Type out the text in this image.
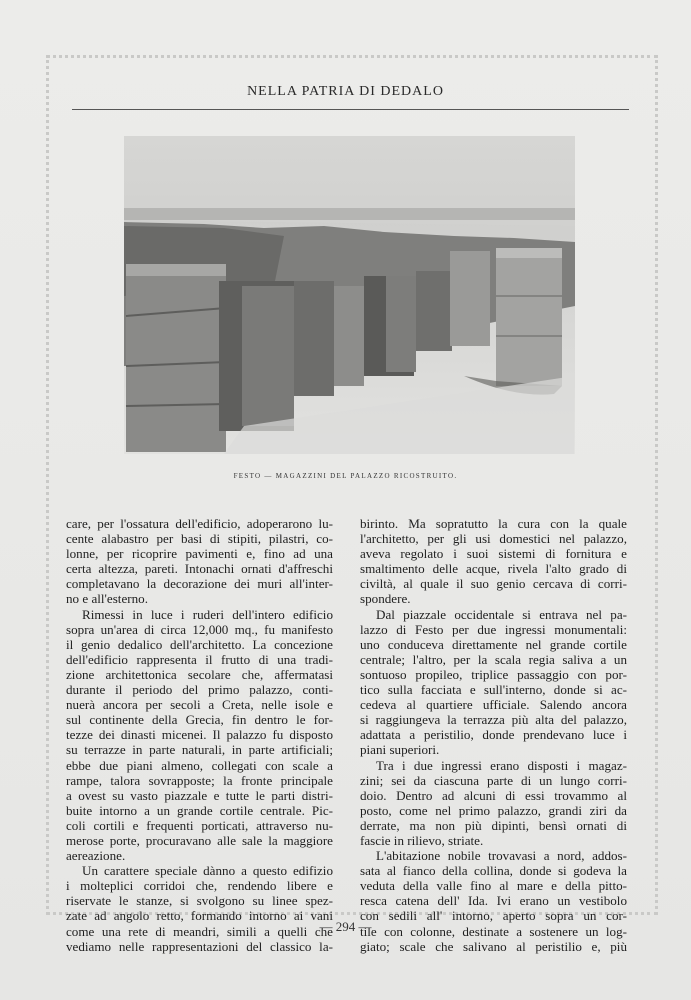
NELLA PATRIA DI DEDALO
FESTO — MAGAZZINI DEL PALAZZO RICOSTRUITO.

care, per l'ossatura dell'edificio, adoperarono lu-
cente alabastro per basi di stipiti, pilastri, co-
lonne, per ricoprire pavimenti e, fino ad una
certa altezza, pareti. Intonachi ornati d'affreschi
completavano la decorazione dei muri all'inter-
no e all'esterno.

Rimessi in luce i ruderi dell'intero edificio
sopra un'area di circa 12,000 mq., fu manifesto
il genio dedalico dell'architetto. La concezione
dell'edificio rappresenta il frutto di una tradi-
zione architettonica secolare che, affermatasi
durante il periodo del primo palazzo, conti-
nuerà ancora per secoli a Creta, nelle isole e
sul continente della Grecia, fin dentro le for-
tezze dei dinasti micenei. Il palazzo fu disposto
su terrazze in parte naturali, in parte artificiali;
ebbe due piani almeno, collegati con scale a
rampe, talora sovrapposte; la fronte principale
a ovest su vasto piazzale e tutte le parti distri-
buite intorno a un grande cortile centrale. Pic-
coli cortili e frequenti porticati, attraverso nu-
merose porte, procuravano alle sale la maggiore
aereazione.

Un carattere speciale dànno a questo edifizio
i molteplici corridoi che, rendendo libere e
riservate le stanze, si svolgono su linee spez-
zate ad angolo retto, formando intorno ai vani
come una rete di meandri, simili a quelli che
vediamo nelle rappresentazioni del classico la-

birinto. Ma sopratutto la cura con la quale
l'architetto, per gli usi domestici nel palazzo,
aveva regolato i suoi sistemi di fornitura e
smaltimento delle acque, rivela l'alto grado di
civiltà, al quale il suo genio cercava di corri-
spondere.

Dal piazzale occidentale si entrava nel pa-
lazzo di Festo per due ingressi monumentali:
uno conduceva direttamente nel grande cortile
centrale; l'altro, per la scala regia saliva a un
sontuoso propileo, triplice passaggio con por-
tico sulla facciata e sull'interno, donde si ac-
cedeva al quartiere ufficiale. Salendo ancora
si raggiungeva la terrazza più alta del palazzo,
adattata a peristilio, donde prendevano luce i
piani superiori.

Tra i due ingressi erano disposti i magaz-
zini; sei da ciascuna parte di un lungo corri-
doio. Dentro ad alcuni di essi trovammo al
posto, come nel primo palazzo, grandi ziri da
derrate, ma non più dipinti, bensì ornati di
fascie in rilievo, striate.

L'abitazione nobile trovavasi a nord, addos-
sata al fianco della collina, donde si godeva la
veduta della valle fino al mare e della pitto-
resca catena dell' Ida. Ivi erano un vestibolo
con sedili all' intorno, aperto sopra un cor-
tile con colonne, destinate a sostenere un log-
giato; scale che salivano al peristilio e, più

— 294 —
